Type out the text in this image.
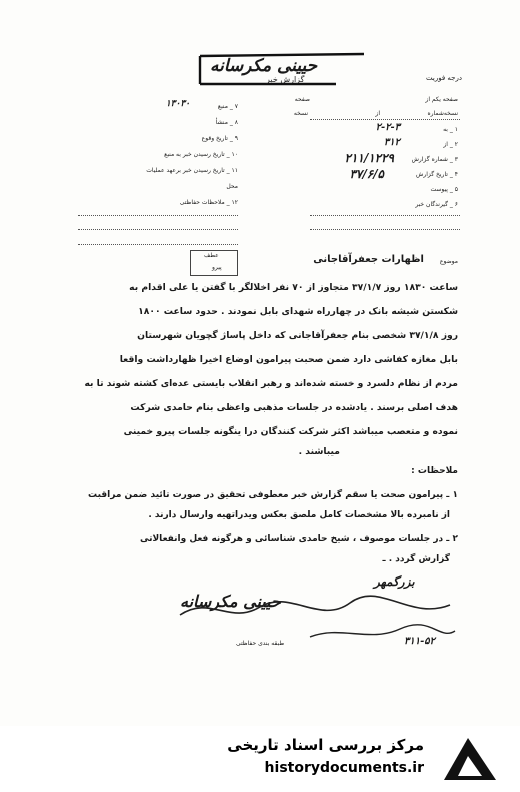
حیینی مکرسانه
گزارش خبر	درجه فوریت
صفحه یکم از
صفحه
نسخه‌شماره
از
نسخه
۱ _ به
۲-۲-۳
۲ _ از
۳۱۲
۳ _ شماره گزارش
۲۱۱/۱۲۲۹
۴ _ تاریخ گزارش
۳۷/۶/۵
۵ _ پیوست
۶ _ گیرندگان خبر
۷ _ منبع
۱۳۰۳۰
۸ _ منشأ
۹ _ تاریخ وقوع
۱۰ _ تاریخ رسیدن خبر به منبع
۱۱ _ تاریخ رسیدن خبر برعهد عملیات
محل
۱۲ _ ملاحظات حفاظتی
موضوع
اظهارات جعفرآقاجانی
عطف
پیرو
ساعت ۱۸۳۰ روز ۳۷/۱/۷ متجاوز از ۷۰ نفر اخلالگر با گفتن یا علی اقدام به
شکستن شیشه بانک در چهارراه شهدای بابل نمودند . حدود ساعت ۱۸۰۰
روز ۳۷/۱/۸ شخصی بنام جعفرآقاجانی که داخل پاساژ گچویان شهرستان
بابل مغازه کفاشی دارد ضمن صحبت پیرامون اوضاع اخیرا ظهارداشت واقعا
مردم از نظام دلسرد و خسته شده‌اند و رهبر انقلاب بایستی عده‌ای کشته شوند تا به
هدف اصلی برسند . یادشده در جلسات مذهبی واعظی بنام حامدی شرکت
نموده و متعصب میباشد اکثر شرکت کنندگان درا ینگونه جلسات پیرو خمینی
میباشند .
ملاحظات :
۱ ـ پیرامون صحت یا سقم گزارش خبر معطوفی تحقیق در صورت تائید ضمن مراقبت
از نامبرده بالا مشخصات کامل ملصق بعکس ویدراتهیه وارسال دارند .
۲ ـ در جلسات موصوف ، شیخ حامدی شناسائی و هرگونه فعل وانفعالاتی
گزارش گردد . ـ
حیینی مکرسانه
بزرگمهر
طبقه بندی حفاظتی	۳۱۱-۵۲
مرکز بررسی اسناد تاریخی
historydocuments.ir
